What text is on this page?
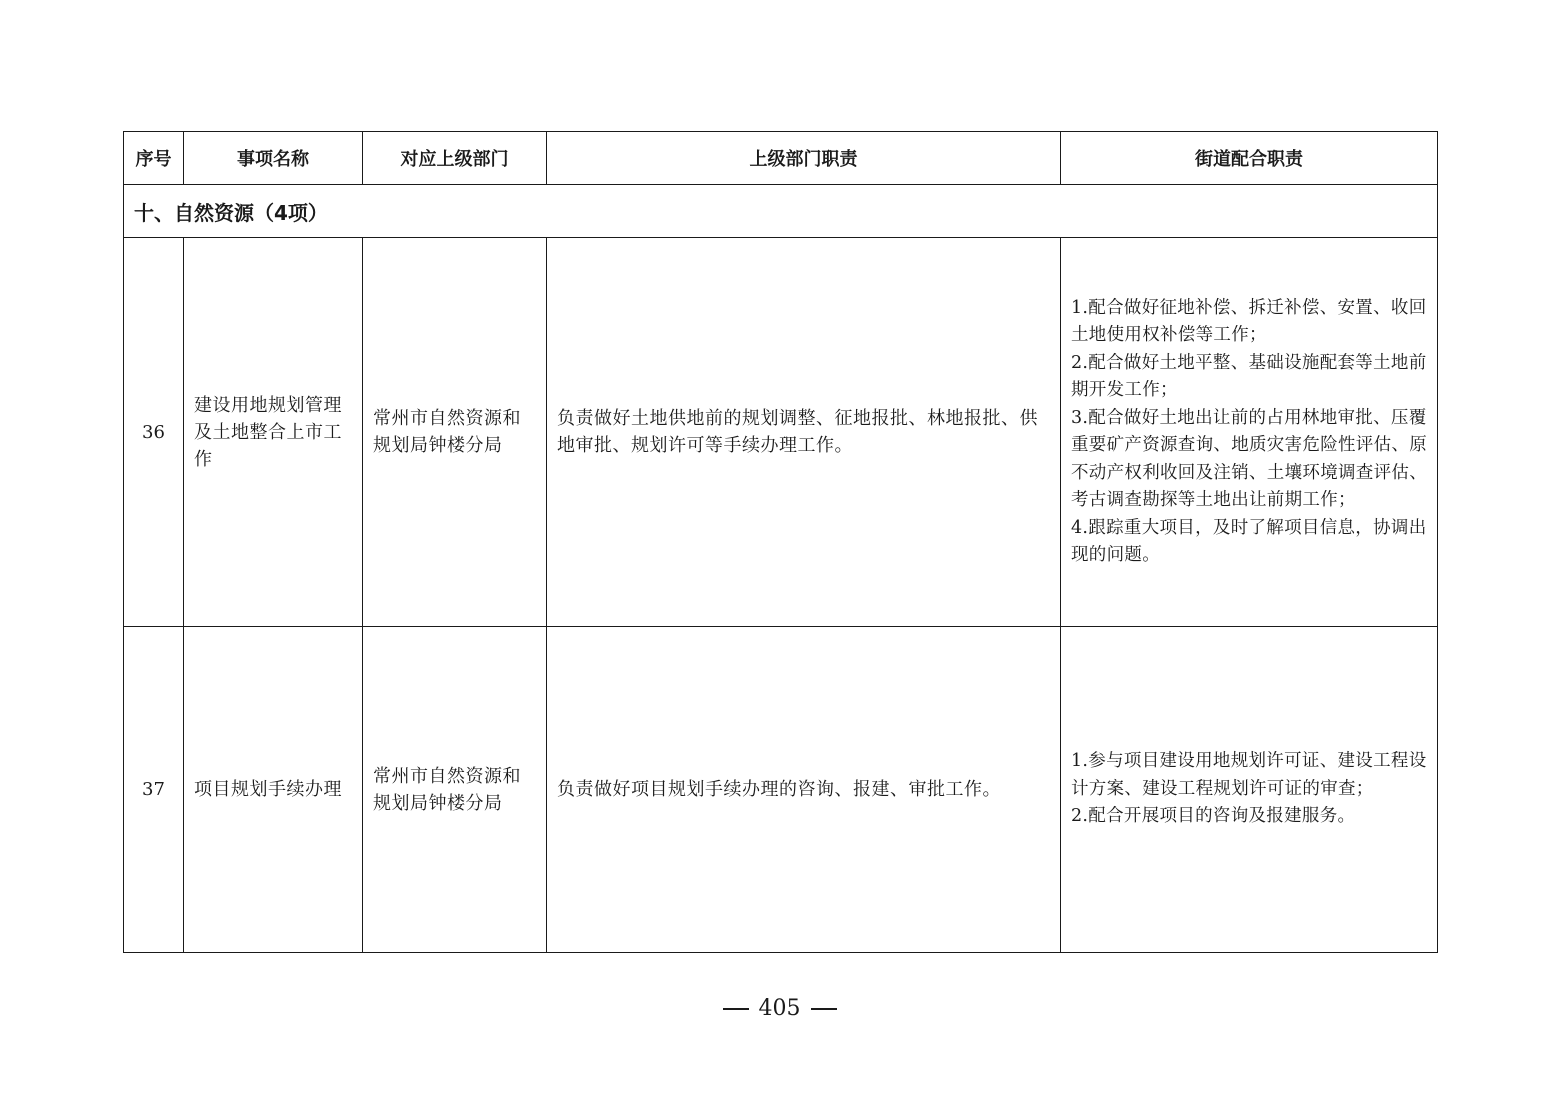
序号	事项名称	对应上级部门	上级部门职责	街道配合职责
十、自然资源（4项）				
36	建设用地规划管理及土地整合上市工作	常州市自然资源和规划局钟楼分局	负责做好土地供地前的规划调整、征地报批、林地报批、供地审批、规划许可等手续办理工作。	1.配合做好征地补偿、拆迁补偿、安置、收回土地使用权补偿等工作；
2.配合做好土地平整、基础设施配套等土地前期开发工作；
3.配合做好土地出让前的占用林地审批、压覆重要矿产资源查询、地质灾害危险性评估、原不动产权利收回及注销、土壤环境调查评估、考古调查勘探等土地出让前期工作；
4.跟踪重大项目，及时了解项目信息，协调出现的问题。

37	项目规划手续办理	常州市自然资源和规划局钟楼分局	负责做好项目规划手续办理的咨询、报建、审批工作。	1.参与项目建设用地规划许可证、建设工程设计方案、建设工程规划许可证的审查；
2.配合开展项目的咨询及报建服务。
405
